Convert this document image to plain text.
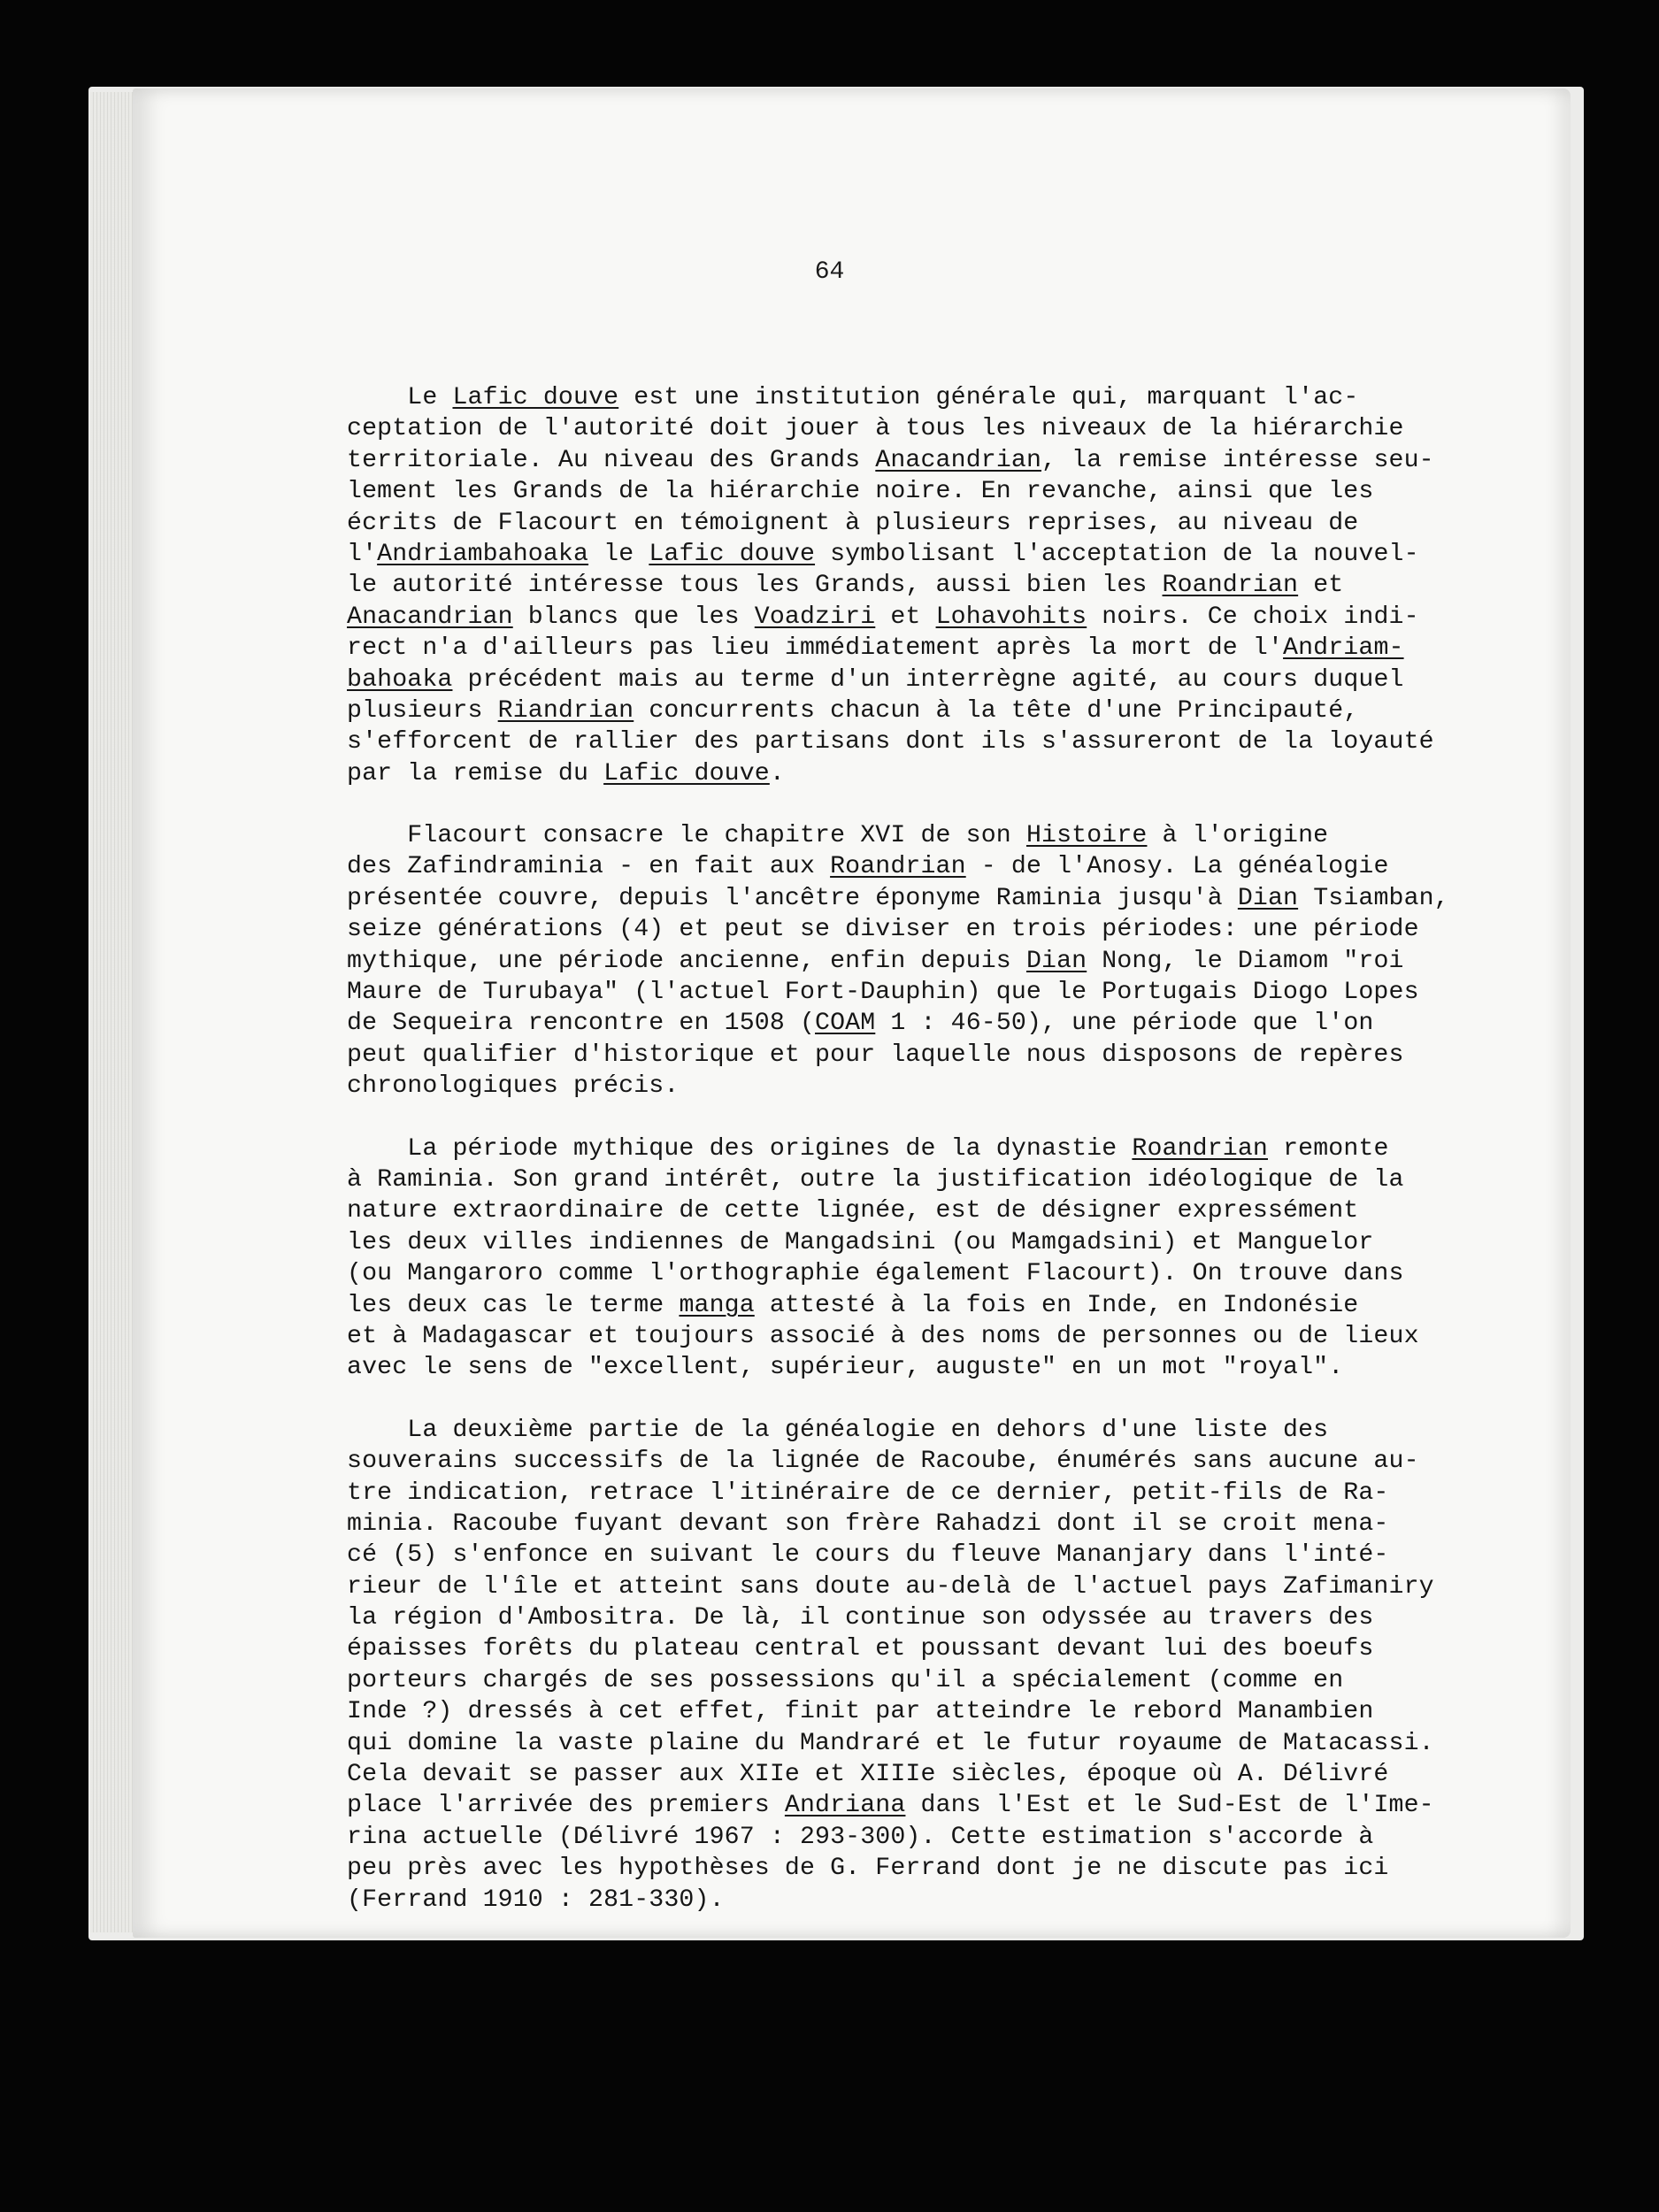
64
Le Lafic douve est une institution générale qui, marquant l'ac-
ceptation de l'autorité doit jouer à tous les niveaux de la hiérarchie
territoriale. Au niveau des Grands Anacandrian, la remise intéresse seu-
lement les Grands de la hiérarchie noire. En revanche, ainsi que les
écrits de Flacourt en témoignent à plusieurs reprises, au niveau de
l'Andriambahoaka le Lafic douve symbolisant l'acceptation de la nouvel-
le autorité intéresse tous les Grands, aussi bien les Roandrian et
Anacandrian blancs que les Voadziri et Lohavohits noirs. Ce choix indi-
rect n'a d'ailleurs pas lieu immédiatement après la mort de l'Andriam-
bahoaka précédent mais au terme d'un interrègne agité, au cours duquel
plusieurs Riandrian concurrents chacun à la tête d'une Principauté,
s'efforcent de rallier des partisans dont ils s'assureront de la loyauté
par la remise du Lafic douve.
Flacourt consacre le chapitre XVI de son Histoire à l'origine
des Zafindraminia - en fait aux Roandrian - de l'Anosy. La généalogie
présentée couvre, depuis l'ancêtre éponyme Raminia jusqu'à Dian Tsiamban,
seize générations (4) et peut se diviser en trois périodes: une période
mythique, une période ancienne, enfin depuis Dian Nong, le Diamom "roi
Maure de Turubaya" (l'actuel Fort-Dauphin) que le Portugais Diogo Lopes
de Sequeira rencontre en 1508 (COAM 1 : 46-50), une période que l'on
peut qualifier d'historique et pour laquelle nous disposons de repères
chronologiques précis.
La période mythique des origines de la dynastie Roandrian remonte
à Raminia. Son grand intérêt, outre la justification idéologique de la
nature extraordinaire de cette lignée, est de désigner expressément
les deux villes indiennes de Mangadsini (ou Mamgadsini) et Manguelor
(ou Mangaroro comme l'orthographie également Flacourt). On trouve dans
les deux cas le terme manga attesté à la fois en Inde, en Indonésie
et à Madagascar et toujours associé à des noms de personnes ou de lieux
avec le sens de "excellent, supérieur, auguste" en un mot "royal".
La deuxième partie de la généalogie en dehors d'une liste des
souverains successifs de la lignée de Racoube, énumérés sans aucune au-
tre indication, retrace l'itinéraire de ce dernier, petit-fils de Ra-
minia. Racoube fuyant devant son frère Rahadzi dont il se croit mena-
cé (5) s'enfonce en suivant le cours du fleuve Mananjary dans l'inté-
rieur de l'île et atteint sans doute au-delà de l'actuel pays Zafimaniry
la région d'Ambositra. De là, il continue son odyssée au travers des
épaisses forêts du plateau central et poussant devant lui des boeufs
porteurs chargés de ses possessions qu'il a spécialement (comme en
Inde ?) dressés à cet effet, finit par atteindre le rebord Manambien
qui domine la vaste plaine du Mandraré et le futur royaume de Matacassi.
Cela devait se passer aux XIIe et XIIIe siècles, époque où A. Délivré
place l'arrivée des premiers Andriana dans l'Est et le Sud-Est de l'Ime-
rina actuelle (Délivré 1967 : 293-300). Cette estimation s'accorde à
peu près avec les hypothèses de G. Ferrand dont je ne discute pas ici
(Ferrand 1910 : 281-330).
